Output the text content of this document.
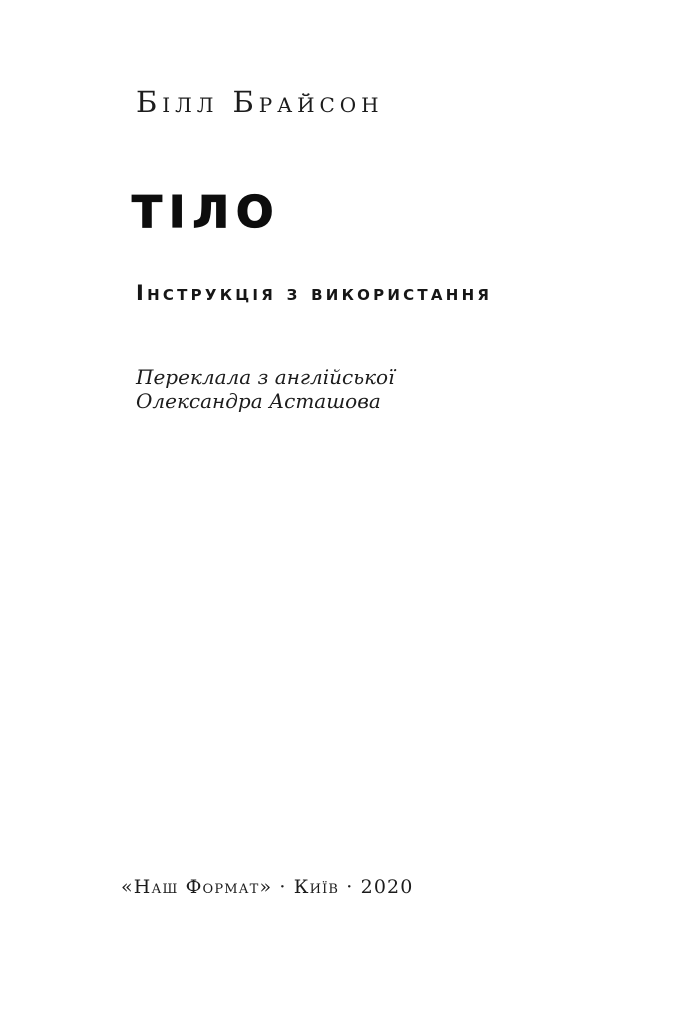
Білл Брайсон
ТІЛО
Інструкція з використання
Переклала з англійської
Олександра Асташова
«Наш Формат» · Київ · 2020
